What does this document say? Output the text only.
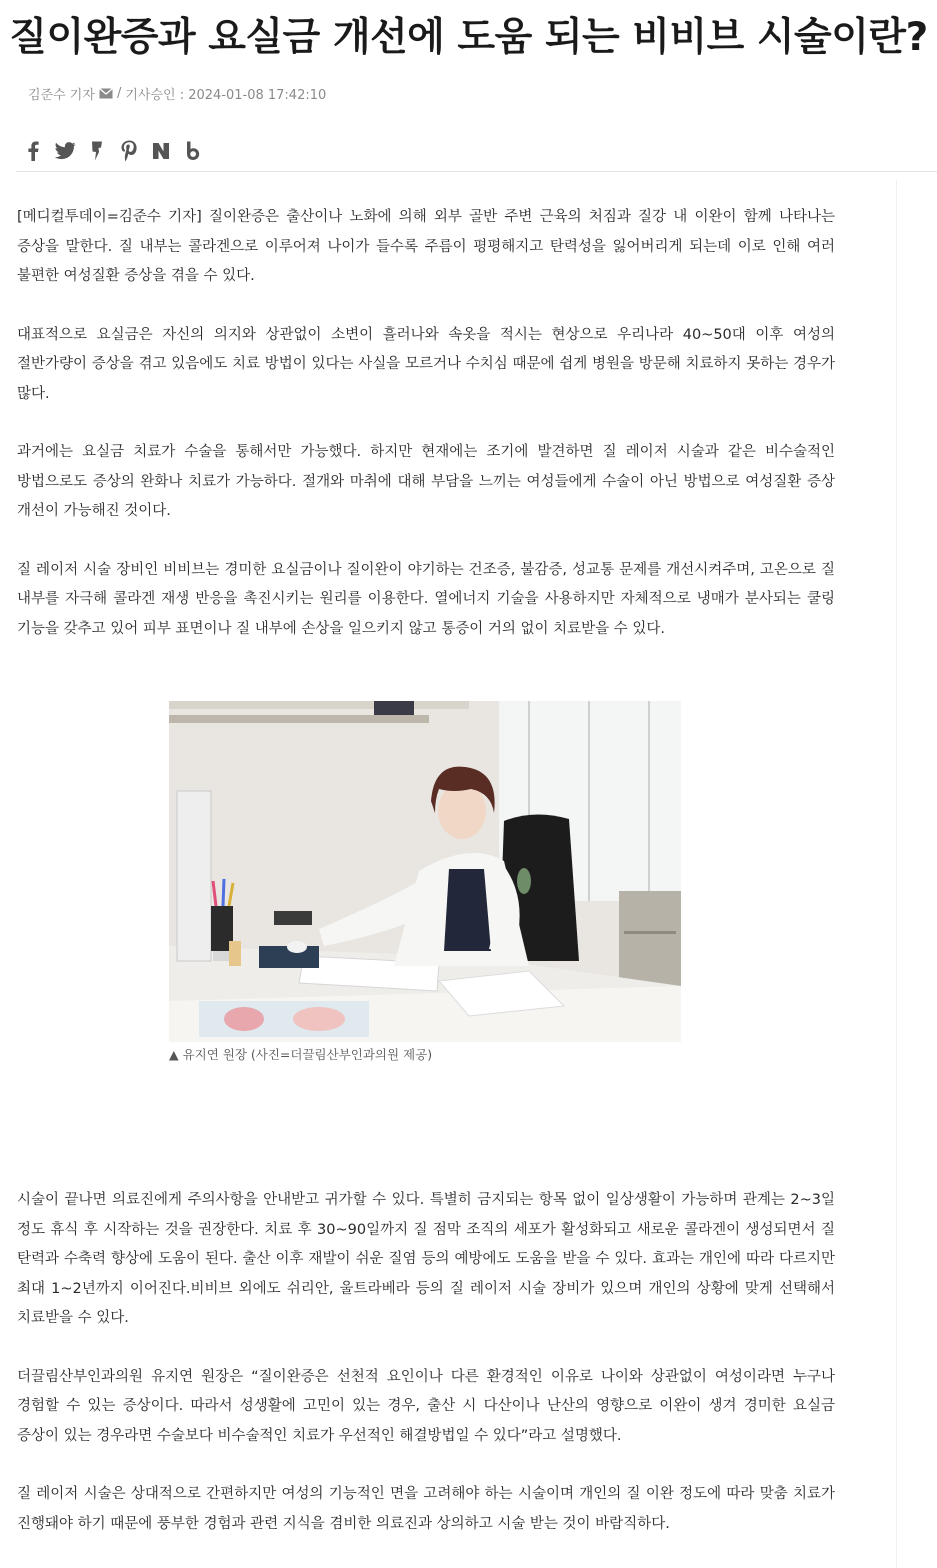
질이완증과 요실금 개선에 도움 되는 비비브 시술이란?
김준수 기자 / 기사승인 : 2024-01-08 17:42:10

[메디컬투데이=김준수 기자] 질이완증은 출산이나 노화에 의해 외부 골반 주변 근육의 처짐과 질강 내 이완이 함께 나타나는 증상을 말한다. 질 내부는 콜라겐으로 이루어져 나이가 들수록 주름이 평평해지고 탄력성을 잃어버리게 되는데 이로 인해 여러 불편한 여성질환 증상을 겪을 수 있다.

대표적으로 요실금은 자신의 의지와 상관없이 소변이 흘러나와 속옷을 적시는 현상으로 우리나라 40~50대 이후 여성의 절반가량이 증상을 겪고 있음에도 치료 방법이 있다는 사실을 모르거나 수치심 때문에 쉽게 병원을 방문해 치료하지 못하는 경우가 많다.

과거에는 요실금 치료가 수술을 통해서만 가능했다. 하지만 현재에는 조기에 발견하면 질 레이저 시술과 같은 비수술적인 방법으로도 증상의 완화나 치료가 가능하다. 절개와 마취에 대해 부담을 느끼는 여성들에게 수술이 아닌 방법으로 여성질환 증상 개선이 가능해진 것이다.

질 레이저 시술 장비인 비비브는 경미한 요실금이나 질이완이 야기하는 건조증, 불감증, 성교통 문제를 개선시켜주며, 고온으로 질 내부를 자극해 콜라겐 재생 반응을 촉진시키는 원리를 이용한다. 열에너지 기술을 사용하지만 자체적으로 냉매가 분사되는 쿨링 기능을 갖추고 있어 피부 표면이나 질 내부에 손상을 일으키지 않고 통증이 거의 없이 치료받을 수 있다.

▲ 유지연 원장 (사진=더끌림산부인과의원 제공)

시술이 끝나면 의료진에게 주의사항을 안내받고 귀가할 수 있다. 특별히 금지되는 항목 없이 일상생활이 가능하며 관계는 2~3일 정도 휴식 후 시작하는 것을 권장한다. 치료 후 30~90일까지 질 점막 조직의 세포가 활성화되고 새로운 콜라겐이 생성되면서 질 탄력과 수축력 향상에 도움이 된다. 출산 이후 재발이 쉬운 질염 등의 예방에도 도움을 받을 수 있다. 효과는 개인에 따라 다르지만 최대 1~2년까지 이어진다.비비브 외에도 쉬리안, 울트라베라 등의 질 레이저 시술 장비가 있으며 개인의 상황에 맞게 선택해서 치료받을 수 있다.

더끌림산부인과의원 유지연 원장은 “질이완증은 선천적 요인이나 다른 환경적인 이유로 나이와 상관없이 여성이라면 누구나 경험할 수 있는 증상이다. 따라서 성생활에 고민이 있는 경우, 출산 시 다산이나 난산의 영향으로 이완이 생겨 경미한 요실금 증상이 있는 경우라면 수술보다 비수술적인 치료가 우선적인 해결방법일 수 있다”라고 설명했다.

질 레이저 시술은 상대적으로 간편하지만 여성의 기능적인 면을 고려해야 하는 시술이며 개인의 질 이완 정도에 따라 맞춤 치료가 진행돼야 하기 때문에 풍부한 경험과 관련 지식을 겸비한 의료진과 상의하고 시술 받는 것이 바람직하다.
